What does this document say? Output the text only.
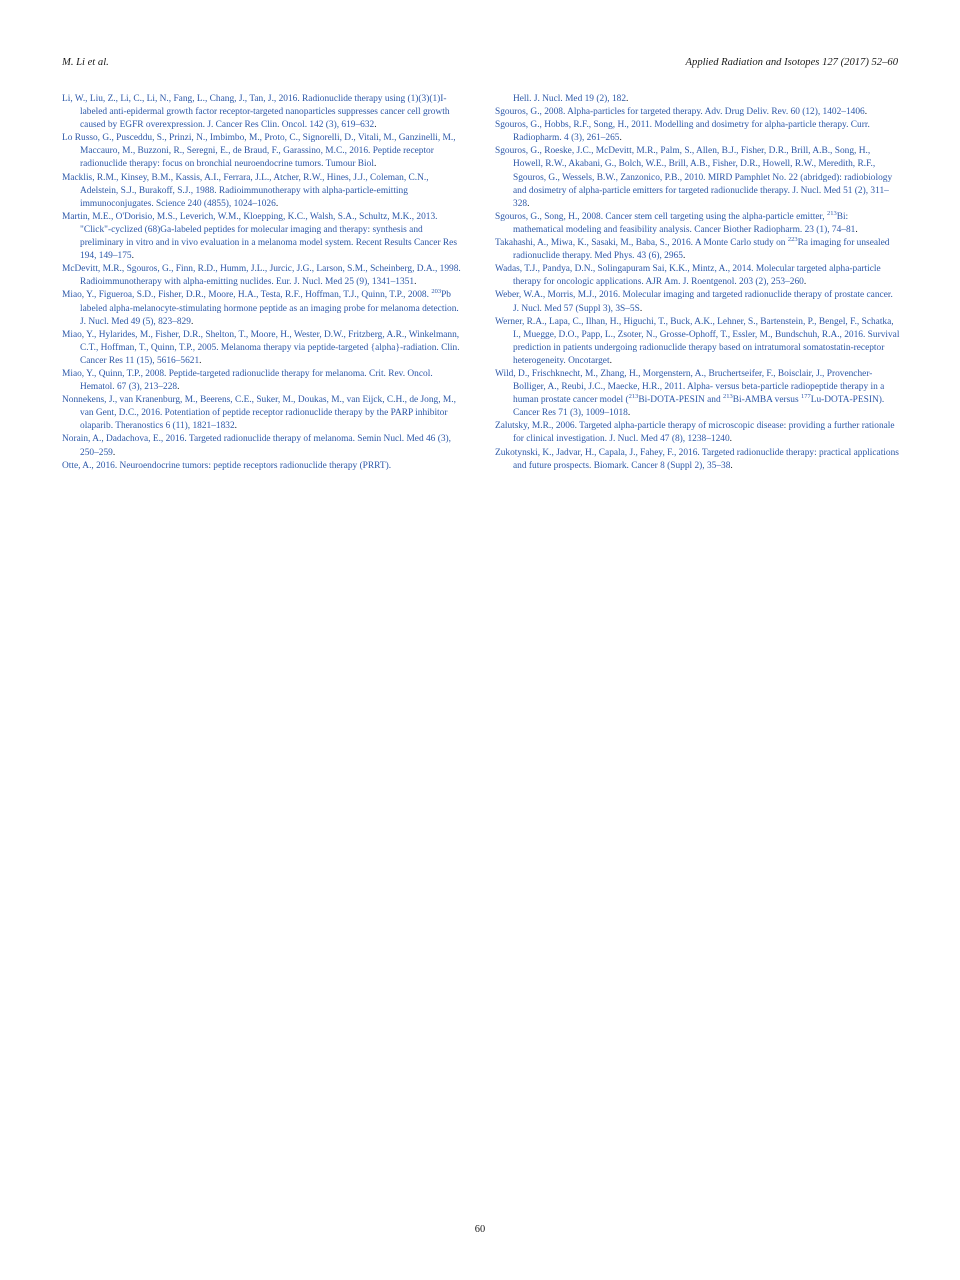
M. Li et al.	Applied Radiation and Isotopes 127 (2017) 52–60

Li, W., Liu, Z., Li, C., Li, N., Fang, L., Chang, J., Tan, J., 2016. Radionuclide therapy using (1)(3)(1)I-labeled anti-epidermal growth factor receptor-targeted nanoparticles suppresses cancer cell growth caused by EGFR overexpression. J. Cancer Res Clin. Oncol. 142 (3), 619–632.

Lo Russo, G., Pusceddu, S., Prinzi, N., Imbimbo, M., Proto, C., Signorelli, D., Vitali, M., Ganzinelli, M., Maccauro, M., Buzzoni, R., Seregni, E., de Braud, F., Garassino, M.C., 2016. Peptide receptor radionuclide therapy: focus on bronchial neuroendocrine tumors. Tumour Biol.

Macklis, R.M., Kinsey, B.M., Kassis, A.I., Ferrara, J.L., Atcher, R.W., Hines, J.J., Coleman, C.N., Adelstein, S.J., Burakoff, S.J., 1988. Radioimmunotherapy with alpha-particle-emitting immunoconjugates. Science 240 (4855), 1024–1026.

Martin, M.E., O'Dorisio, M.S., Leverich, W.M., Kloepping, K.C., Walsh, S.A., Schultz, M.K., 2013. "Click"-cyclized (68)Ga-labeled peptides for molecular imaging and therapy: synthesis and preliminary in vitro and in vivo evaluation in a melanoma model system. Recent Results Cancer Res 194, 149–175.

McDevitt, M.R., Sgouros, G., Finn, R.D., Humm, J.L., Jurcic, J.G., Larson, S.M., Scheinberg, D.A., 1998. Radioimmunotherapy with alpha-emitting nuclides. Eur. J. Nucl. Med 25 (9), 1341–1351.

Miao, Y., Figueroa, S.D., Fisher, D.R., Moore, H.A., Testa, R.F., Hoffman, T.J., Quinn, T.P., 2008. $^{203}$Pb labeled alpha-melanocyte-stimulating hormone peptide as an imaging probe for melanoma detection. J. Nucl. Med 49 (5), 823–829.

Miao, Y., Hylarides, M., Fisher, D.R., Shelton, T., Moore, H., Wester, D.W., Fritzberg, A.R., Winkelmann, C.T., Hoffman, T., Quinn, T.P., 2005. Melanoma therapy via peptide-targeted {alpha}-radiation. Clin. Cancer Res 11 (15), 5616–5621.

Miao, Y., Quinn, T.P., 2008. Peptide-targeted radionuclide therapy for melanoma. Crit. Rev. Oncol. Hematol. 67 (3), 213–228.

Nonnekens, J., van Kranenburg, M., Beerens, C.E., Suker, M., Doukas, M., van Eijck, C.H., de Jong, M., van Gent, D.C., 2016. Potentiation of peptide receptor radionuclide therapy by the PARP inhibitor olaparib. Theranostics 6 (11), 1821–1832.

Norain, A., Dadachova, E., 2016. Targeted radionuclide therapy of melanoma. Semin Nucl. Med 46 (3), 250–259.

Otte, A., 2016. Neuroendocrine tumors: peptide receptors radionuclide therapy (PRRT).

Hell. J. Nucl. Med 19 (2), 182.

Sgouros, G., 2008. Alpha-particles for targeted therapy. Adv. Drug Deliv. Rev. 60 (12), 1402–1406.

Sgouros, G., Hobbs, R.F., Song, H., 2011. Modelling and dosimetry for alpha-particle therapy. Curr. Radiopharm. 4 (3), 261–265.

Sgouros, G., Roeske, J.C., McDevitt, M.R., Palm, S., Allen, B.J., Fisher, D.R., Brill, A.B., Song, H., Howell, R.W., Akabani, G., Bolch, W.E., Brill, A.B., Fisher, D.R., Howell, R.W., Meredith, R.F., Sgouros, G., Wessels, B.W., Zanzonico, P.B., 2010. MIRD Pamphlet No. 22 (abridged): radiobiology and dosimetry of alpha-particle emitters for targeted radionuclide therapy. J. Nucl. Med 51 (2), 311–328.

Sgouros, G., Song, H., 2008. Cancer stem cell targeting using the alpha-particle emitter, $^{213}$Bi: mathematical modeling and feasibility analysis. Cancer Biother Radiopharm. 23 (1), 74–81.

Takahashi, A., Miwa, K., Sasaki, M., Baba, S., 2016. A Monte Carlo study on $^{223}$Ra imaging for unsealed radionuclide therapy. Med Phys. 43 (6), 2965.

Wadas, T.J., Pandya, D.N., Solingapuram Sai, K.K., Mintz, A., 2014. Molecular targeted alpha-particle therapy for oncologic applications. AJR Am. J. Roentgenol. 203 (2), 253–260.

Weber, W.A., Morris, M.J., 2016. Molecular imaging and targeted radionuclide therapy of prostate cancer. J. Nucl. Med 57 (Suppl 3), 3S–5S.

Werner, R.A., Lapa, C., Ilhan, H., Higuchi, T., Buck, A.K., Lehner, S., Bartenstein, P., Bengel, F., Schatka, I., Muegge, D.O., Papp, L., Zsoter, N., Grosse-Ophoff, T., Essler, M., Bundschuh, R.A., 2016. Survival prediction in patients undergoing radionuclide therapy based on intratumoral somatostatin-receptor heterogeneity. Oncotarget.

Wild, D., Frischknecht, M., Zhang, H., Morgenstern, A., Bruchertseifer, F., Boisclair, J., Provencher-Bolliger, A., Reubi, J.C., Maecke, H.R., 2011. Alpha- versus beta-particle radiopeptide therapy in a human prostate cancer model ($^{213}$Bi-DOTA-PESIN and $^{213}$Bi-AMBA versus $^{177}$Lu-DOTA-PESIN). Cancer Res 71 (3), 1009–1018.

Zalutsky, M.R., 2006. Targeted alpha-particle therapy of microscopic disease: providing a further rationale for clinical investigation. J. Nucl. Med 47 (8), 1238–1240.

Zukotynski, K., Jadvar, H., Capala, J., Fahey, F., 2016. Targeted radionuclide therapy: practical applications and future prospects. Biomark. Cancer 8 (Suppl 2), 35–38.

60
